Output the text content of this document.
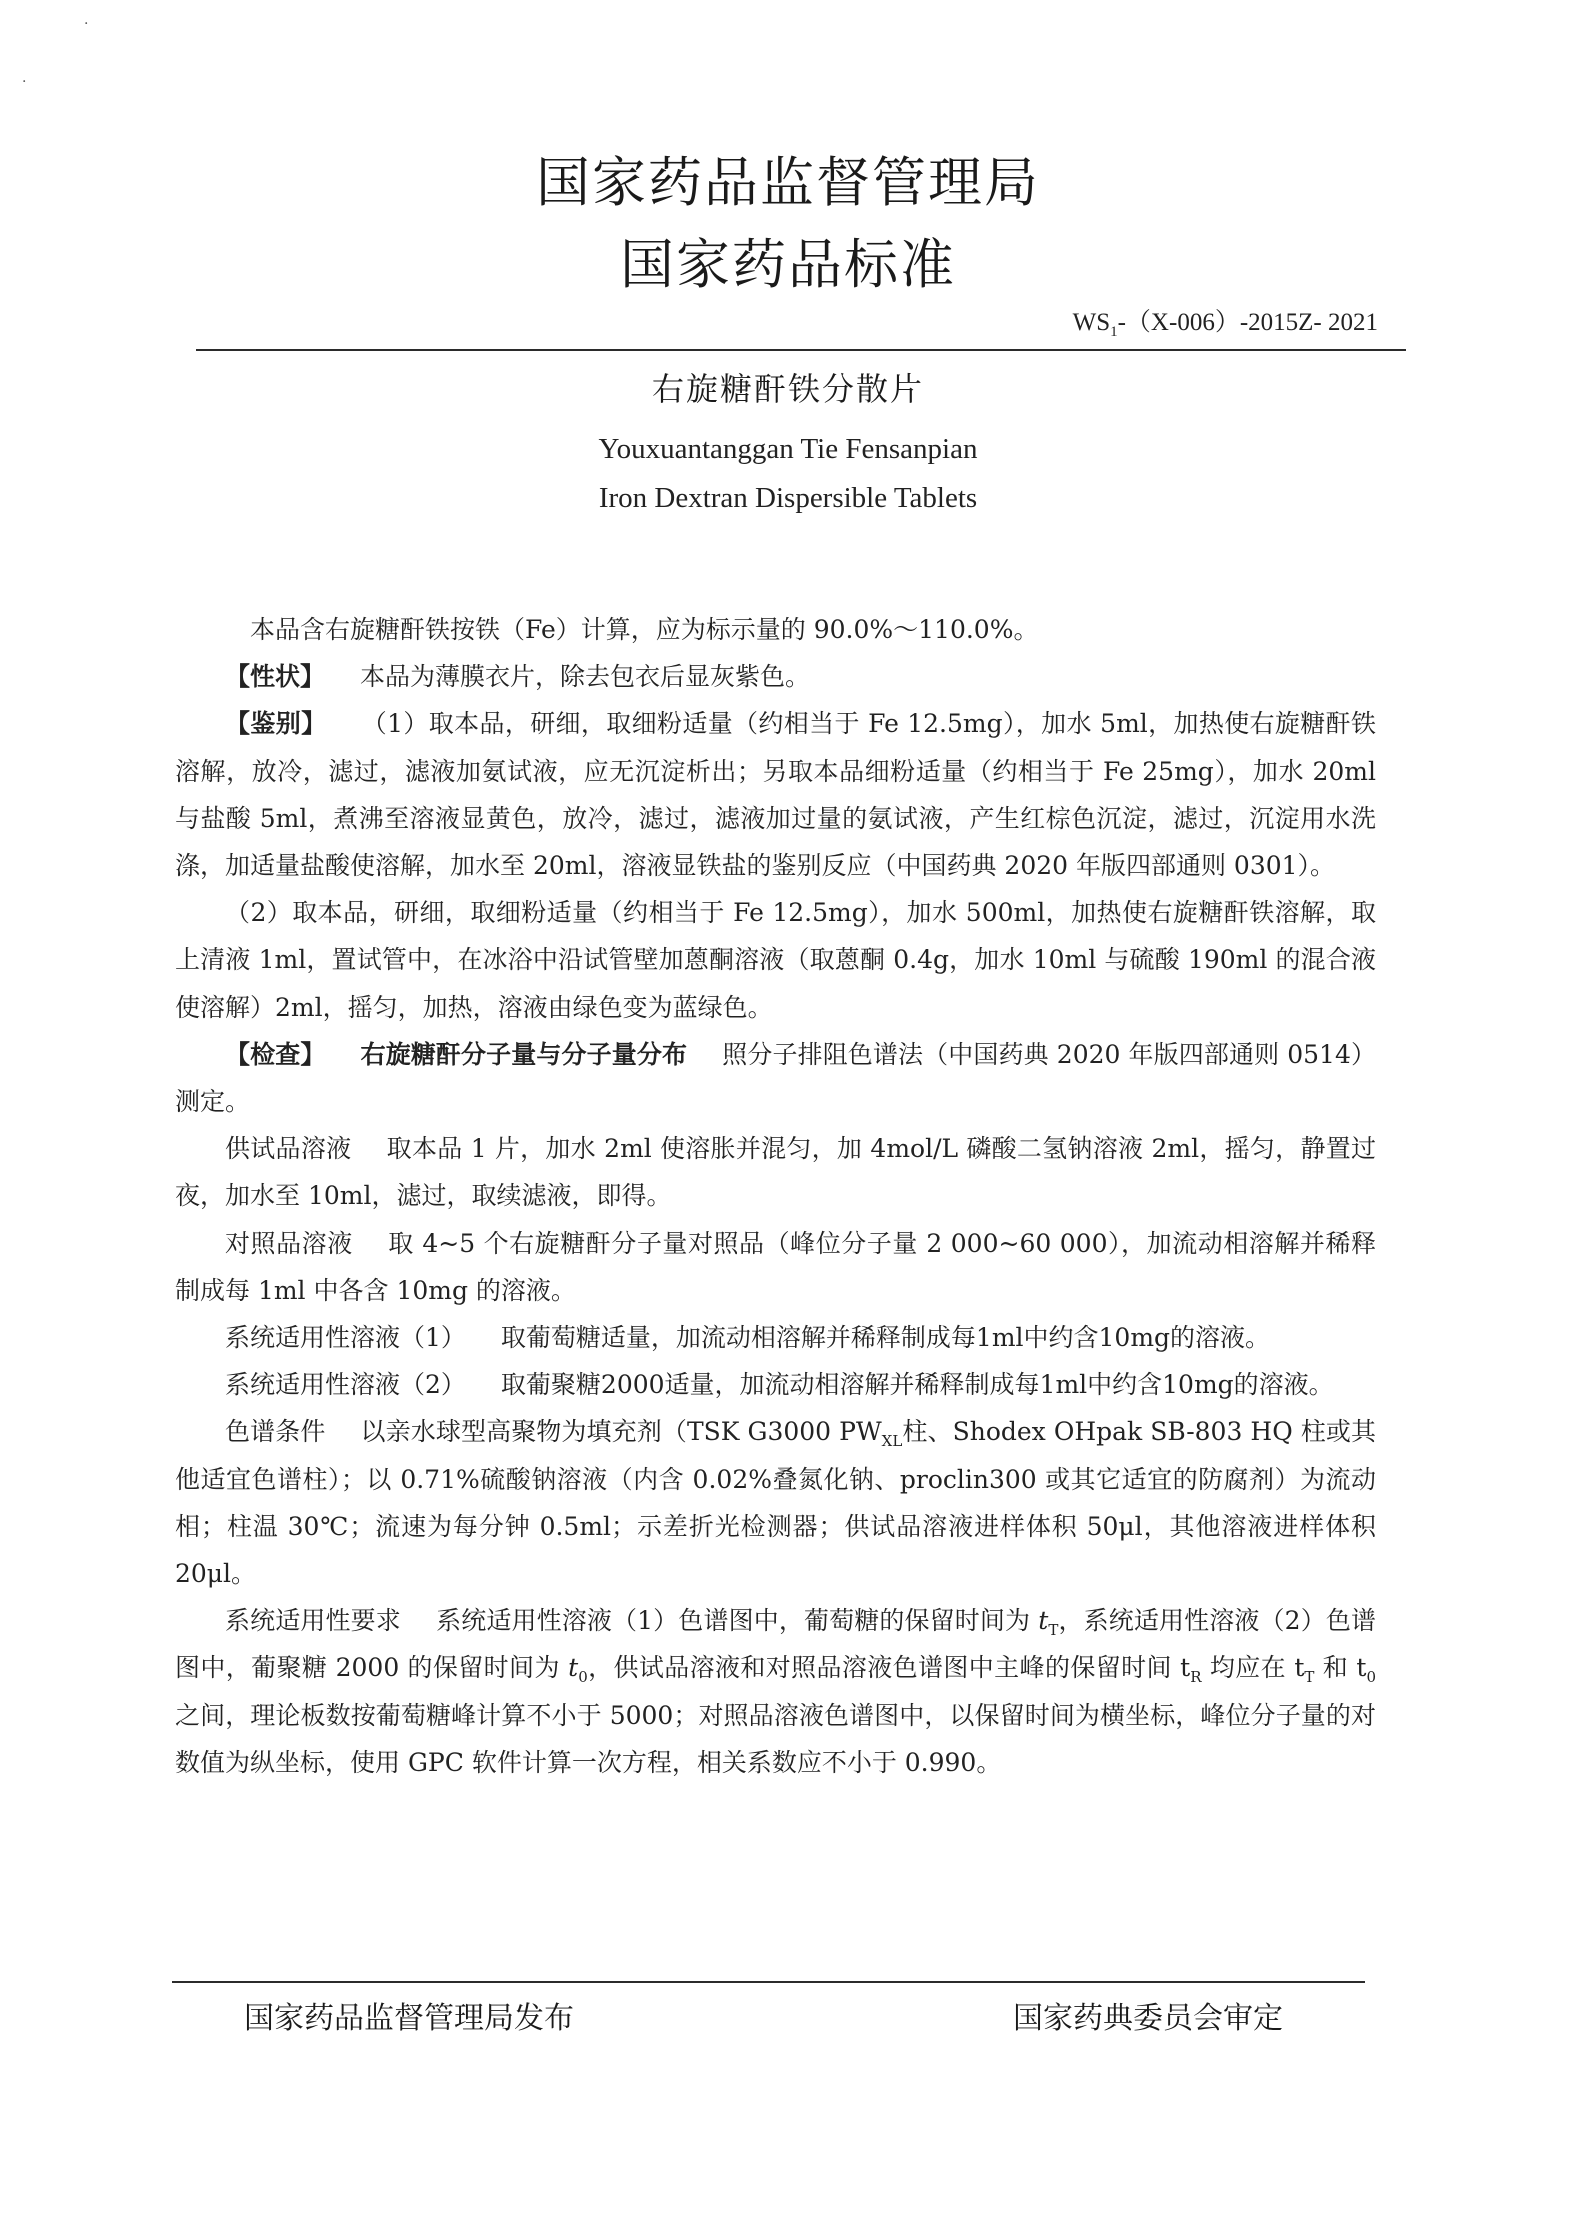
·
·
国家药品监督管理局
国家药品标准
$WS_1-(X-006)-2015Z-$ 2021
右旋糖酐铁分散片
Youxuantanggan Tie Fensanpian
Iron Dextran Dispersible Tablets

本品含右旋糖酐铁按铁（Fe）计算，应为标示量的 90.0%～110.0%。

【性状】 本品为薄膜衣片，除去包衣后显灰紫色。

【鉴别】 （1）取本品，研细，取细粉适量（约相当于 Fe 12.5mg），加水 5ml，加热使右旋糖酐铁溶解，放冷，滤过，滤液加氨试液，应无沉淀析出；另取本品细粉适量（约相当于 Fe 25mg），加水 20ml 与盐酸 5ml，煮沸至溶液显黄色，放冷，滤过，滤液加过量的氨试液，产生红棕色沉淀，滤过，沉淀用水洗涤，加适量盐酸使溶解，加水至 20ml，溶液显铁盐的鉴别反应（中国药典 2020 年版四部通则 0301）。

（2）取本品，研细，取细粉适量（约相当于 Fe 12.5mg），加水 500ml，加热使右旋糖酐铁溶解，取上清液 1ml，置试管中，在冰浴中沿试管壁加蒽酮溶液（取蒽酮 0.4g，加水 10ml 与硫酸 190ml 的混合液使溶解）2ml，摇匀，加热，溶液由绿色变为蓝绿色。

【检查】 右旋糖酐分子量与分子量分布 照分子排阻色谱法（中国药典 2020 年版四部通则 0514）测定。

供试品溶液 取本品 1 片，加水 2ml 使溶胀并混匀，加 4mol/L 磷酸二氢钠溶液 2ml，摇匀，静置过夜，加水至 10ml，滤过，取续滤液，即得。

对照品溶液 取 4~5 个右旋糖酐分子量对照品（峰位分子量 2 000~60 000），加流动相溶解并稀释制成每 1ml 中各含 10mg 的溶液。

系统适用性溶液（1） 取葡萄糖适量，加流动相溶解并稀释制成每1ml中约含10mg的溶液。

系统适用性溶液（2） 取葡聚糖2000适量，加流动相溶解并稀释制成每1ml中约含10mg的溶液。

色谱条件 以亲水球型高聚物为填充剂（TSK G3000 $PW_{XL}$柱、Shodex OHpak SB-803 HQ 柱或其他适宜色谱柱）；以 0.71%硫酸钠溶液（内含 0.02%叠氮化钠、proclin300 或其它适宜的防腐剂）为流动相；柱温 30℃；流速为每分钟 0.5ml；示差折光检测器；供试品溶液进样体积 50μl，其他溶液进样体积 20μl。

系统适用性要求 系统适用性溶液（1）色谱图中，葡萄糖的保留时间为 $t_T$，系统适用性溶液（2）色谱图中，葡聚糖 2000 的保留时间为 $t_0$，供试品溶液和对照品溶液色谱图中主峰的保留时间 $t_R$ 均应在 $t_T$ 和 $t_0$ 之间，理论板数按葡萄糖峰计算不小于 5000；对照品溶液色谱图中，以保留时间为横坐标，峰位分子量的对数值为纵坐标，使用 GPC 软件计算一次方程，相关系数应不小于 0.990。

国家药品监督管理局发布	国家药典委员会审定
